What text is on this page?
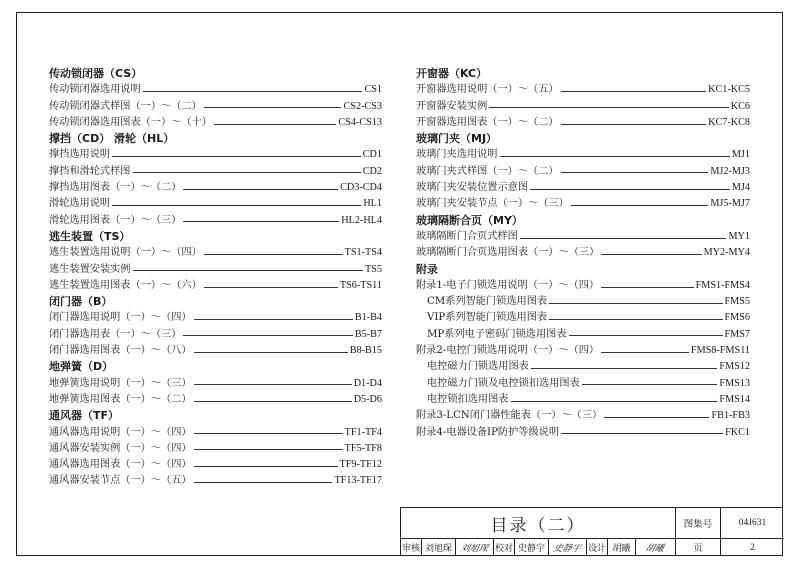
传动锁闭器（CS）
传动锁闭器选用说明	CS1
传动锁闭器式样图（一）～（二）	CS2-CS3
传动锁闭器选用图表（一）～（十）	CS4-CS13
撑挡（CD） 滑轮（HL）
撑挡选用说明	CD1
撑挡和滑轮式样图	CD2
撑挡选用图表（一）～（二）	CD3-CD4
滑轮选用说明	HL1
滑轮选用图表（一）～（三）	HL2-HL4
逃生装置（TS）
逃生装置选用说明（一）～（四）	TS1-TS4
逃生装置安装实例	TS5
逃生装置选用图表（一）～（六）	TS6-TS11
闭门器（B）
闭门器选用说明（一）～（四）	B1-B4
闭门器选用表（一）～（三）	B5-B7
闭门器选用图表（一）～（八）	B8-B15
地弹簧（D）
地弹簧选用说明（一）～（三）	D1-D4
地弹簧选用图表（一）～（二）	D5-D6
通风器（TF）
通风器选用说明（一）～（四）	TF1-TF4
通风器安装实例（一）～（四）	TF5-TF8
通风器选用图表（一）～（四）	TF9-TF12
通风器安装节点（一）～（五）	TF13-TF17
开窗器（KC）
开窗器选用说明（一）～（五）	KC1-KC5
开窗器安装实例	KC6
开窗器选用图表（一）～（二）	KC7-KC8
玻璃门夹（MJ）
玻璃门夹选用说明	MJ1
玻璃门夹式样图（一）～（二）	MJ2-MJ3
玻璃门夹安装位置示意图	MJ4
玻璃门夹安装节点（一）～（三）	MJ5-MJ7
玻璃隔断合页（MY）
玻璃隔断门合页式样图	MY1
玻璃隔断门合页选用图表（一）～（三）	MY2-MY4
附录
附录1-电子门锁选用说明（一）～（四）	FMS1-FMS4
CM系列智能门锁选用图表	FMS5
VIP系列智能门锁选用图表	FMS6
MP系列电子密码门锁选用图表	FMS7
附录2-电控门锁选用说明（一）～（四）	FMS8-FMS11
电控磁力门锁选用图表	FMS12
电控磁力门锁及电控锁扣选用图表	FMS13
电控锁扣选用图表	FMS14
附录3-LCN闭门器性能表（一）～（三）	FB1-FB3
附录4-电器设备IP防护等级说明	FKC1
目录（二）	图集号	04J631
审核 刘旭琛 刘旭琛 校对 史静宇 史静宇 设计 胡曦	胡曦	页	2
